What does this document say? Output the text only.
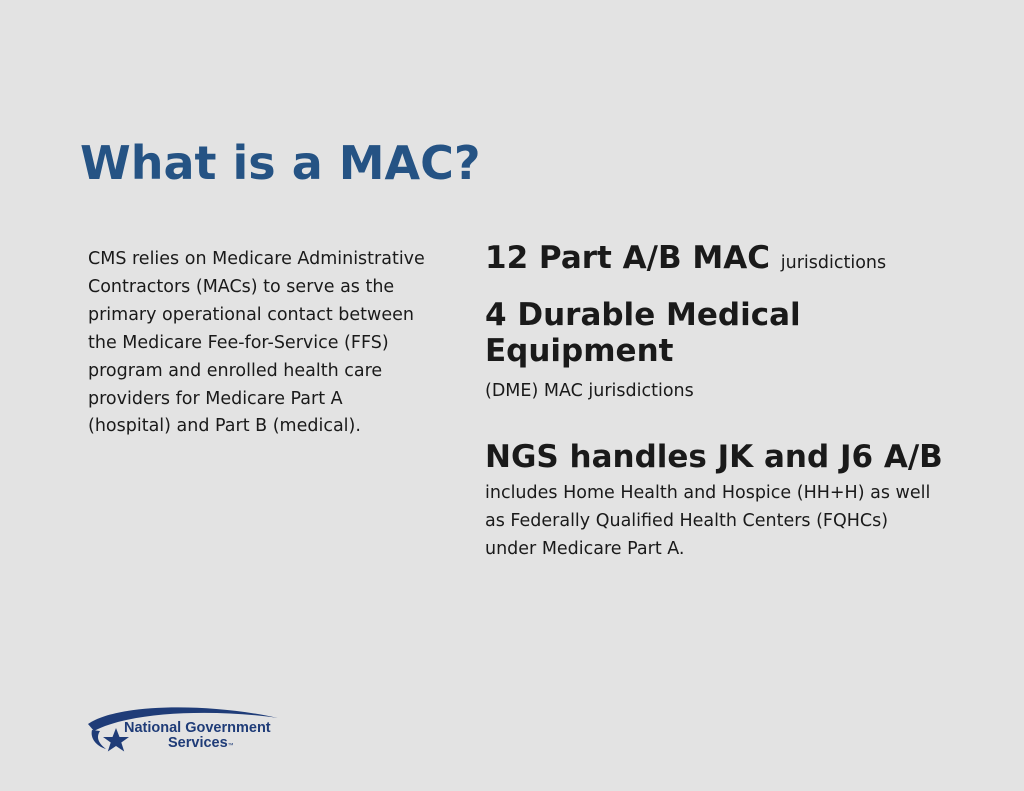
What is a MAC?

CMS relies on Medicare Administrative Contractors (MACs) to serve as the primary operational contact between the Medicare Fee-for-Service (FFS) program and enrolled health care providers for Medicare Part A (hospital) and Part B (medical).

12 Part A/B MAC jurisdictions
4 Durable Medical Equipment

(DME) MAC jurisdictions

NGS handles JK and J6 A/B

includes Home Health and Hospice (HH+H) as well as Federally Qualified Health Centers (FQHCs) under Medicare Part A.

National Government
Services™
